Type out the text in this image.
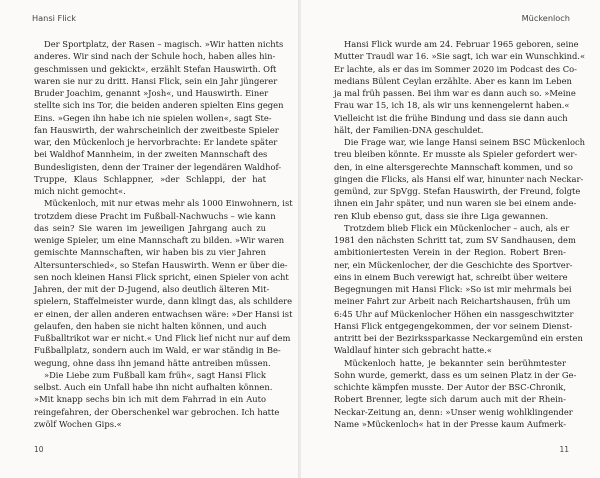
Hansi Flick

Der Sportplatz, der Rasen – magisch. »Wir hatten nichts
anderes. Wir sind nach der Schule hoch, haben alles hin-
geschmissen und gekickt«, erzählt Stefan Hauswirth. Oft
waren sie nur zu dritt. Hansi Flick, sein ein Jahr jüngerer
Bruder Joachim, genannt »Josh«, und Hauswirth. Einer
stellte sich ins Tor, die beiden anderen spielten Eins gegen
Eins. »Gegen ihn habe ich nie spielen wollen«, sagt Ste-
fan Hauswirth, der wahrscheinlich der zweitbeste Spieler
war, den Mückenloch je hervorbrachte: Er landete später
bei Waldhof Mannheim, in der zweiten Mannschaft des
Bundesligisten, denn der Trainer der legendären Waldhof-
Truppe, Klaus Schlappner, »der Schlappi, der hat
mich nicht gemocht«.

Mückenloch, mit nur etwas mehr als 1000 Einwohnern, ist
trotzdem diese Pracht im Fußball-Nachwuchs – wie kann
das sein? Sie waren im jeweiligen Jahrgang auch zu
wenige Spieler, um eine Mannschaft zu bilden. »Wir waren
gemischte Mannschaften, wir haben bis zu vier Jahren
Altersunterschied«, so Stefan Hauswirth. Wenn er über die-
sen noch kleinen Hansi Flick spricht, einen Spieler von acht
Jahren, der mit der D-Jugend, also deutlich älteren Mit-
spielern, Staffelmeister wurde, dann klingt das, als schildere
er einen, der allen anderen entwachsen wäre: »Der Hansi ist
gelaufen, den haben sie nicht halten können, und auch
Fußballtrikot war er nicht.« Und Flick lief nicht nur auf dem
Fußballplatz, sondern auch im Wald, er war ständig in Be-
wegung, ohne dass ihn jemand hätte antreiben müssen.

»Die Liebe zum Fußball kam früh«, sagt Hansi Flick
selbst. Auch ein Unfall habe ihn nicht aufhalten können.
»Mit knapp sechs bin ich mit dem Fahrrad in ein Auto
reingefahren, der Oberschenkel war gebrochen. Ich hatte
zwölf Wochen Gips.«

10
Mückenloch

Hansi Flick wurde am 24. Februar 1965 geboren, seine
Mutter Traudl war 16. »Sie sagt, ich war ein Wunschkind.«
Er lachte, als er das im Sommer 2020 im Podcast des Co-
medians Bülent Ceylan erzählte. Aber es kann im Leben
ja mal früh passen. Bei ihm war es dann auch so. »Meine
Frau war 15, ich 18, als wir uns kennengelernt haben.«
Vielleicht ist die frühe Bindung und dass sie dann auch
hält, der Familien-DNA geschuldet.

Die Frage war, wie lange Hansi seinem BSC Mückenloch
treu bleiben könnte. Er musste als Spieler gefordert wer-
den, in eine altersgerechte Mannschaft kommen, und so
gingen die Flicks, als Hansi elf war, hinunter nach Neckar-
gemünd, zur SpVgg. Stefan Hauswirth, der Freund, folgte
ihnen ein Jahr später, und nun waren sie bei einem ande-
ren Klub ebenso gut, dass sie ihre Liga gewannen.

Trotzdem blieb Flick ein Mückenlocher – auch, als er
1981 den nächsten Schritt tat, zum SV Sandhausen, dem
ambitioniertesten Verein in der Region. Robert Bren-
ner, ein Mückenlocher, der die Geschichte des Sportver-
eins in einem Buch verewigt hat, schreibt über weitere
Begegnungen mit Hansi Flick: »So ist mir mehrmals bei
meiner Fahrt zur Arbeit nach Reichartshausen, früh um
6:45 Uhr auf Mückenlocher Höhen ein nassgeschwitzter
Hansi Flick entgegengekommen, der vor seinem Dienst-
antritt bei der Bezirkssparkasse Neckargemünd ein ersten
Waldlauf hinter sich gebracht hatte.«

Mückenloch hatte, je bekannter sein berühmtester
Sohn wurde, gemerkt, dass es um seinen Platz in der Ge-
schichte kämpfen musste. Der Autor der BSC-Chronik,
Robert Brenner, legte sich darum auch mit der Rhein-
Neckar-Zeitung an, denn: »Unser wenig wohlklingender
Name »Mückenloch« hat in der Presse kaum Aufmerk-

11
